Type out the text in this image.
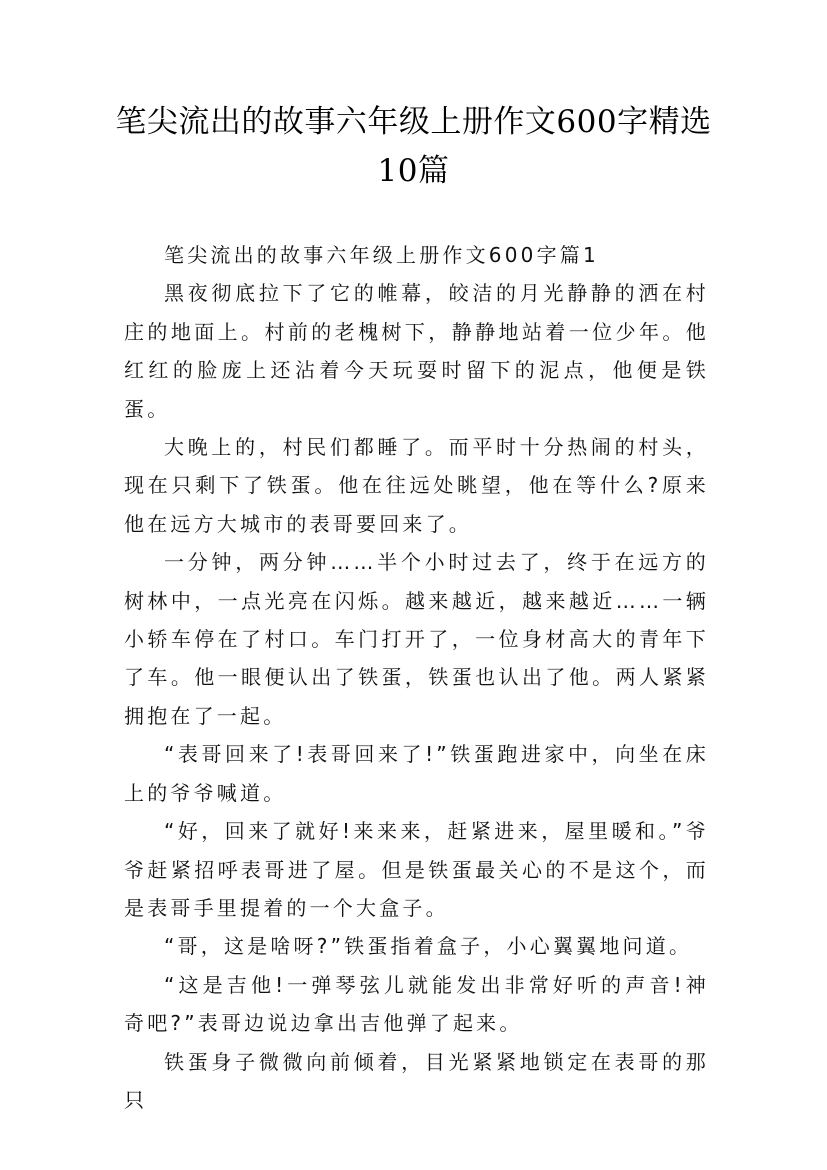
笔尖流出的故事六年级上册作文600字精选
10篇

笔尖流出的故事六年级上册作文600字篇1

黑夜彻底拉下了它的帷幕，皎洁的月光静静的洒在村庄的地面上。村前的老槐树下，静静地站着一位少年。他红红的脸庞上还沾着今天玩耍时留下的泥点，他便是铁蛋。

大晚上的，村民们都睡了。而平时十分热闹的村头，现在只剩下了铁蛋。他在往远处眺望，他在等什么?原来他在远方大城市的表哥要回来了。

一分钟，两分钟……半个小时过去了，终于在远方的树林中，一点光亮在闪烁。越来越近，越来越近……一辆小轿车停在了村口。车门打开了，一位身材高大的青年下了车。他一眼便认出了铁蛋，铁蛋也认出了他。两人紧紧拥抱在了一起。

“表哥回来了!表哥回来了!”铁蛋跑进家中，向坐在床上的爷爷喊道。

“好，回来了就好!来来来，赶紧进来，屋里暖和。”爷爷赶紧招呼表哥进了屋。但是铁蛋最关心的不是这个，而是表哥手里提着的一个大盒子。

“哥，这是啥呀?”铁蛋指着盒子，小心翼翼地问道。

“这是吉他!一弹琴弦儿就能发出非常好听的声音!神奇吧?”表哥边说边拿出吉他弹了起来。

铁蛋身子微微向前倾着，目光紧紧地锁定在表哥的那只
